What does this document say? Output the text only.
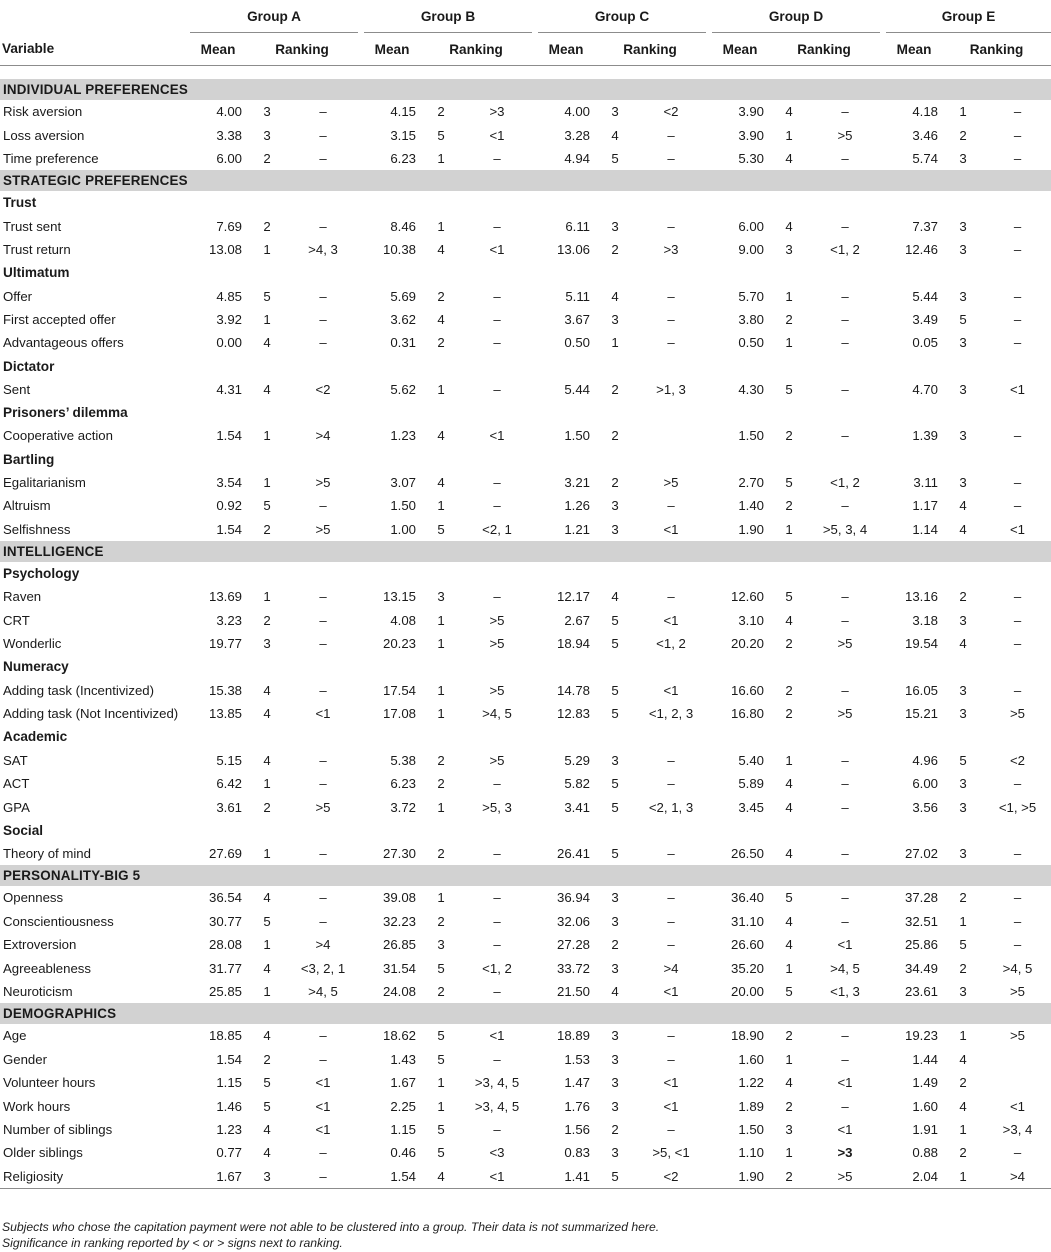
	Group A				Group B				Group C				Group D				Group E		
Variable	Mean	Ranking			Mean	Ranking			Mean	Ranking			Mean	Ranking			Mean	Ranking	

INDIVIDUAL PREFERENCES																			
Risk aversion	4.00	3	–		4.15	2	>3		4.00	3	<2		3.90	4	–		4.18	1	–
Loss aversion	3.38	3	–		3.15	5	<1		3.28	4	–		3.90	1	>5		3.46	2	–
Time preference	6.00	2	–		6.23	1	–		4.94	5	–		5.30	4	–		5.74	3	–
STRATEGIC PREFERENCES																			
Trust																			
Trust sent	7.69	2	–		8.46	1	–		6.11	3	–		6.00	4	–		7.37	3	–
Trust return	13.08	1	>4, 3		10.38	4	<1		13.06	2	>3		9.00	3	<1, 2		12.46	3	–
Ultimatum																			
Offer	4.85	5	–		5.69	2	–		5.11	4	–		5.70	1	–		5.44	3	–
First accepted offer	3.92	1	–		3.62	4	–		3.67	3	–		3.80	2	–		3.49	5	–
Advantageous offers	0.00	4	–		0.31	2	–		0.50	1	–		0.50	1	–		0.05	3	–
Dictator																			
Sent	4.31	4	<2		5.62	1	–		5.44	2	>1, 3		4.30	5	–		4.70	3	<1
Prisoners’ dilemma																			
Cooperative action	1.54	1	>4		1.23	4	<1		1.50	2			1.50	2	–		1.39	3	–
Bartling																			
Egalitarianism	3.54	1	>5		3.07	4	–		3.21	2	>5		2.70	5	<1, 2		3.11	3	–
Altruism	0.92	5	–		1.50	1	–		1.26	3	–		1.40	2	–		1.17	4	–
Selfishness	1.54	2	>5		1.00	5	<2, 1		1.21	3	<1		1.90	1	>5, 3, 4		1.14	4	<1
INTELLIGENCE																			
Psychology																			
Raven	13.69	1	–		13.15	3	–		12.17	4	–		12.60	5	–		13.16	2	–
CRT	3.23	2	–		4.08	1	>5		2.67	5	<1		3.10	4	–		3.18	3	–
Wonderlic	19.77	3	–		20.23	1	>5		18.94	5	<1, 2		20.20	2	>5		19.54	4	–
Numeracy																			
Adding task (Incentivized)	15.38	4	–		17.54	1	>5		14.78	5	<1		16.60	2	–		16.05	3	–
Adding task (Not Incentivized)	13.85	4	<1		17.08	1	>4, 5		12.83	5	<1, 2, 3		16.80	2	>5		15.21	3	>5
Academic																			
SAT	5.15	4	–		5.38	2	>5		5.29	3	–		5.40	1	–		4.96	5	<2
ACT	6.42	1	–		6.23	2	–		5.82	5	–		5.89	4	–		6.00	3	–
GPA	3.61	2	>5		3.72	1	>5, 3		3.41	5	<2, 1, 3		3.45	4	–		3.56	3	<1, >5
Social																			
Theory of mind	27.69	1	–		27.30	2	–		26.41	5	–		26.50	4	–		27.02	3	–
PERSONALITY-BIG 5																			
Openness	36.54	4	–		39.08	1	–		36.94	3	–		36.40	5	–		37.28	2	–
Conscientiousness	30.77	5	–		32.23	2	–		32.06	3	–		31.10	4	–		32.51	1	–
Extroversion	28.08	1	>4		26.85	3	–		27.28	2	–		26.60	4	<1		25.86	5	–
Agreeableness	31.77	4	<3, 2, 1		31.54	5	<1, 2		33.72	3	>4		35.20	1	>4, 5		34.49	2	>4, 5
Neuroticism	25.85	1	>4, 5		24.08	2	–		21.50	4	<1		20.00	5	<1, 3		23.61	3	>5
DEMOGRAPHICS																			
Age	18.85	4	–		18.62	5	<1		18.89	3	–		18.90	2	–		19.23	1	>5
Gender	1.54	2	–		1.43	5	–		1.53	3	–		1.60	1	–		1.44	4	
Volunteer hours	1.15	5	<1		1.67	1	>3, 4, 5		1.47	3	<1		1.22	4	<1		1.49	2	
Work hours	1.46	5	<1		2.25	1	>3, 4, 5		1.76	3	<1		1.89	2	–		1.60	4	<1
Number of siblings	1.23	4	<1		1.15	5	–		1.56	2	–		1.50	3	<1		1.91	1	>3, 4
Older siblings	0.77	4	–		0.46	5	<3		0.83	3	>5, <1		1.10	1	>3		0.88	2	–
Religiosity	1.67	3	–		1.54	4	<1		1.41	5	<2		1.90	2	>5		2.04	1	>4

Subjects who chose the capitation payment were not able to be clustered into a group. Their data is not summarized here.
Significance in ranking reported by < or > signs next to ranking.
